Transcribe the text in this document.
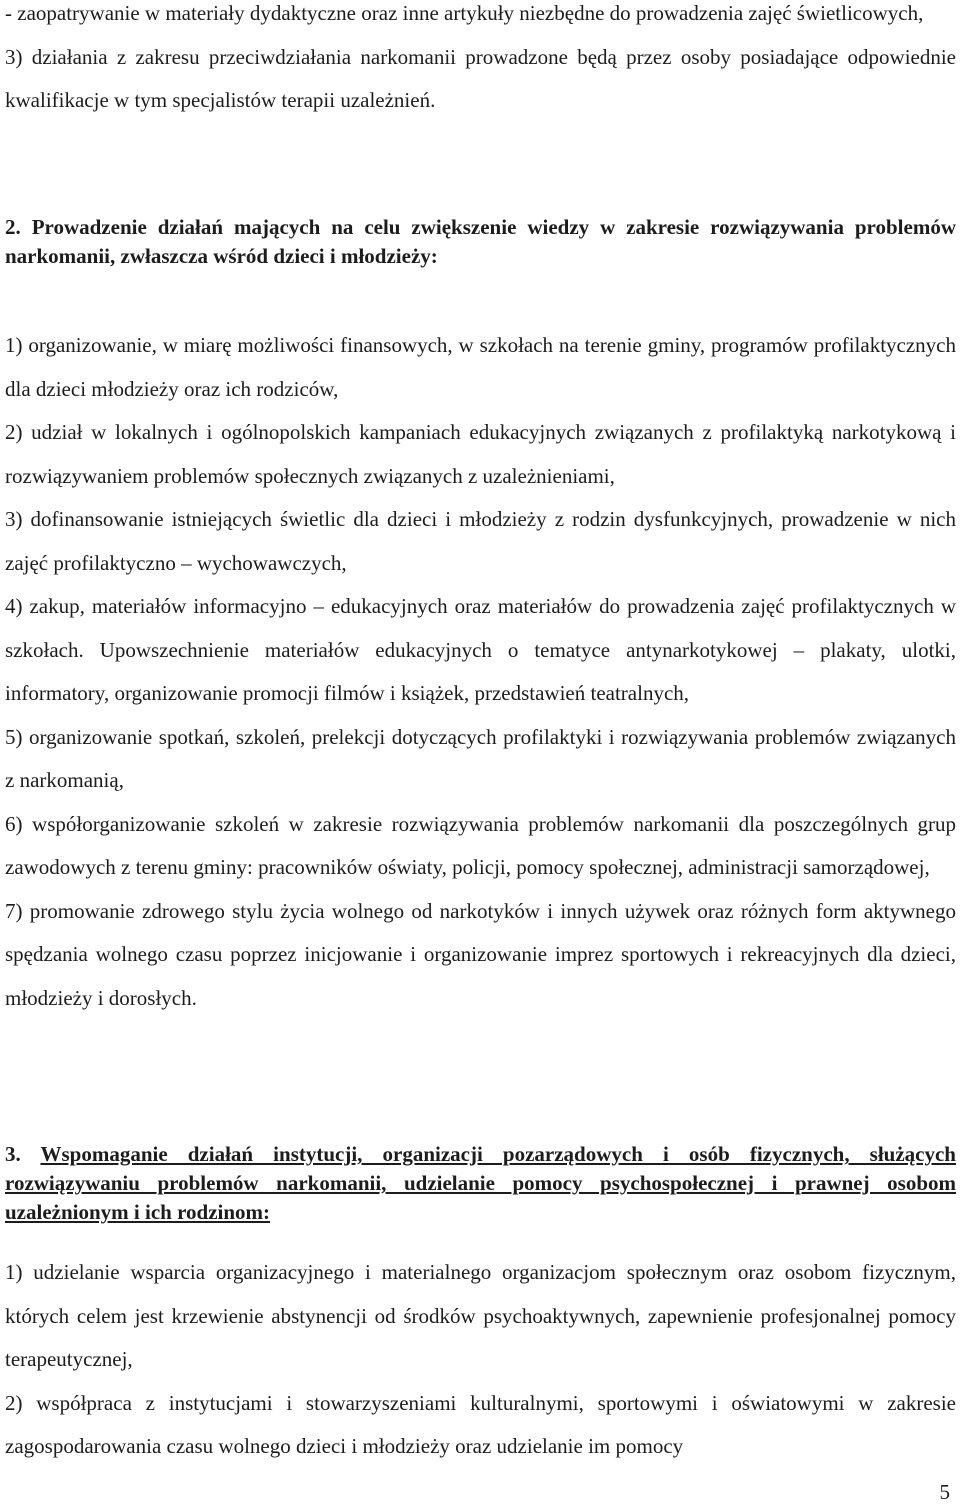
- zaopatrywanie w materiały dydaktyczne oraz inne artykuły niezbędne do prowadzenia zajęć świetlicowych,

3) działania z zakresu przeciwdziałania narkomanii prowadzone będą przez osoby posiadające odpowiednie kwalifikacje w tym specjalistów terapii uzależnień.

2. Prowadzenie działań mających na celu zwiększenie wiedzy w zakresie rozwiązywania problemów narkomanii, zwłaszcza wśród dzieci i młodzieży:

1) organizowanie, w miarę możliwości finansowych, w szkołach na terenie gminy, programów profilaktycznych dla dzieci młodzieży oraz ich rodziców,

2) udział w lokalnych i ogólnopolskich kampaniach edukacyjnych związanych z profilaktyką narkotykową i rozwiązywaniem problemów społecznych związanych z uzależnieniami,

3) dofinansowanie istniejących świetlic dla dzieci i młodzieży z rodzin dysfunkcyjnych, prowadzenie w nich zajęć profilaktyczno – wychowawczych,

4) zakup, materiałów informacyjno – edukacyjnych oraz materiałów do prowadzenia zajęć profilaktycznych w szkołach. Upowszechnienie materiałów edukacyjnych o tematyce antynarkotykowej – plakaty, ulotki, informatory, organizowanie promocji filmów i książek, przedstawień teatralnych,

5) organizowanie spotkań, szkoleń, prelekcji dotyczących profilaktyki i rozwiązywania problemów związanych z narkomanią,

6) współorganizowanie szkoleń w zakresie rozwiązywania problemów narkomanii dla poszczególnych grup zawodowych z terenu gminy: pracowników oświaty, policji, pomocy społecznej, administracji samorządowej,

7) promowanie zdrowego stylu życia wolnego od narkotyków i innych używek oraz różnych form aktywnego spędzania wolnego czasu poprzez inicjowanie i organizowanie imprez sportowych i rekreacyjnych dla dzieci, młodzieży i dorosłych.

3. Wspomaganie działań instytucji, organizacji pozarządowych i osób fizycznych, służących rozwiązywaniu problemów narkomanii, udzielanie pomocy psychospołecznej i prawnej osobom uzależnionym i ich rodzinom:

1) udzielanie wsparcia organizacyjnego i materialnego organizacjom społecznym oraz osobom fizycznym, których celem jest krzewienie abstynencji od środków psychoaktywnych, zapewnienie profesjonalnej pomocy terapeutycznej,

2) współpraca z instytucjami i stowarzyszeniami kulturalnymi, sportowymi i oświatowymi w zakresie zagospodarowania czasu wolnego dzieci i młodzieży oraz udzielanie im pomocy

5
